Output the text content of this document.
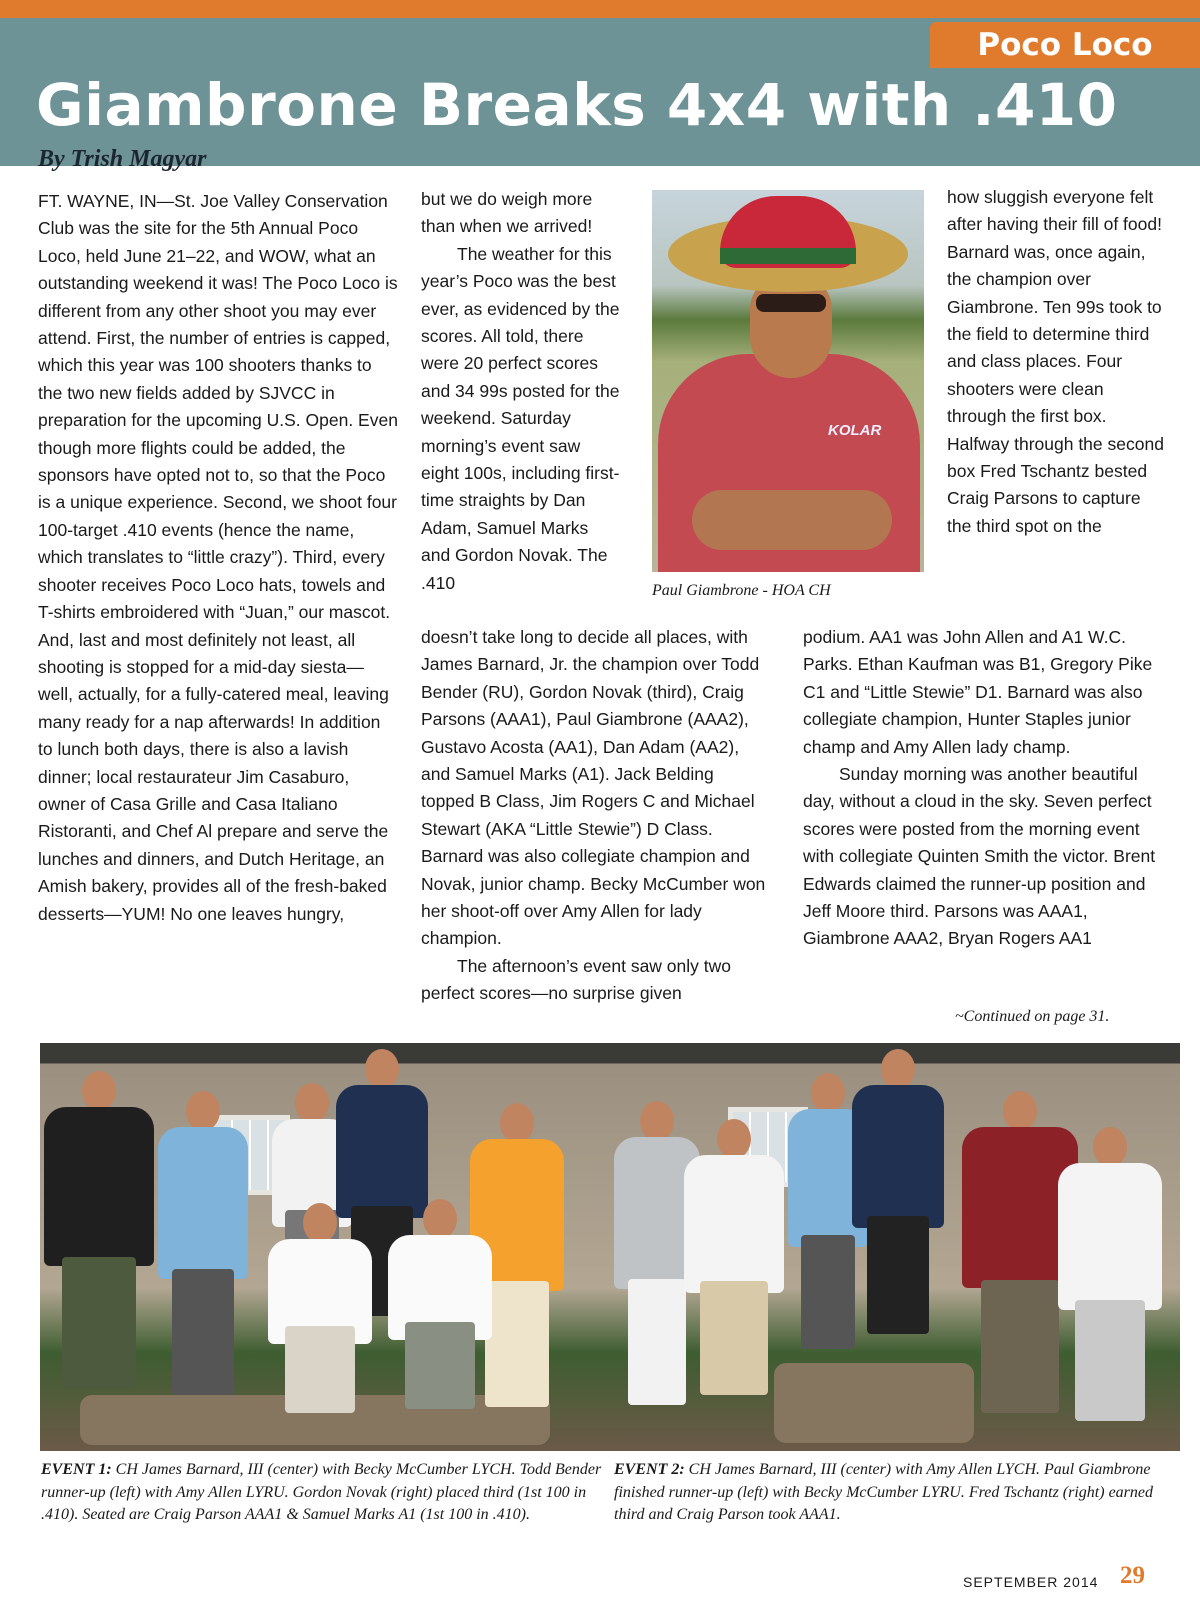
Poco Loco
Giambrone Breaks 4x4 with .410
By Trish Magyar
FT. WAYNE, IN—St. Joe Valley Conservation Club was the site for the 5th Annual Poco Loco, held June 21–22, and WOW, what an outstanding weekend it was! The Poco Loco is different from any other shoot you may ever attend. First, the number of entries is capped, which this year was 100 shooters thanks to the two new fields added by SJVCC in preparation for the upcoming U.S. Open. Even though more flights could be added, the sponsors have opted not to, so that the Poco is a unique experience. Second, we shoot four 100-target .410 events (hence the name, which translates to “little crazy”). Third, every shooter receives Poco Loco hats, towels and T-shirts embroidered with “Juan,” our mascot. And, last and most definitely not least, all shooting is stopped for a mid-day siesta—well, actually, for a fully-catered meal, leaving many ready for a nap afterwards! In addition to lunch both days, there is also a lavish dinner; local restaurateur Jim Casaburo, owner of Casa Grille and Casa Italiano Ristoranti, and Chef Al prepare and serve the lunches and dinners, and Dutch Heritage, an Amish bakery, provides all of the fresh-baked desserts—YUM! No one leaves hungry,
but we do weigh more than when we arrived!
The weather for this year’s Poco was the best ever, as evidenced by the scores. All told, there were 20 perfect scores and 34 99s posted for the weekend. Saturday morning’s event saw eight 100s, including first-time straights by Dan Adam, Samuel Marks and Gordon Novak. The .410
doesn’t take long to decide all places, with James Barnard, Jr. the champion over Todd Bender (RU), Gordon Novak (third), Craig Parsons (AAA1), Paul Giambrone (AAA2), Gustavo Acosta (AA1), Dan Adam (AA2), and Samuel Marks (A1). Jack Belding topped B Class, Jim Rogers C and Michael Stewart (AKA “Little Stewie”) D Class. Barnard was also collegiate champion and Novak, junior champ. Becky McCumber won her shoot-off over Amy Allen for lady champion.
The afternoon’s event saw only two perfect scores—no surprise given
how sluggish everyone felt after having their fill of food! Barnard was, once again, the champion over Giambrone. Ten 99s took to the field to determine third and class places. Four shooters were clean through the first box. Halfway through the second box Fred Tschantz bested Craig Parsons to capture the third spot on the
podium. AA1 was John Allen and A1 W.C. Parks. Ethan Kaufman was B1, Gregory Pike C1 and “Little Stewie” D1. Barnard was also collegiate champion, Hunter Staples junior champ and Amy Allen lady champ.
Sunday morning was another beautiful day, without a cloud in the sky. Seven perfect scores were posted from the morning event with collegiate Quinten Smith the victor. Brent Edwards claimed the runner-up position and Jeff Moore third. Parsons was AAA1, Giambrone AAA2, Bryan Rogers AA1
~Continued on page 31.
KOLAR
Paul Giambrone - HOA CH
EVENT 1: CH James Barnard, III (center) with Becky McCumber LYCH. Todd Bender runner-up (left) with Amy Allen LYRU. Gordon Novak (right) placed third (1st 100 in .410). Seated are Craig Parson AAA1 & Samuel Marks A1 (1st 100 in .410).
EVENT 2: CH James Barnard, III (center) with Amy Allen LYCH. Paul Giambrone finished runner-up (left) with Becky McCumber LYRU. Fred Tschantz (right) earned third and Craig Parson took AAA1.
SEPTEMBER 2014 29
